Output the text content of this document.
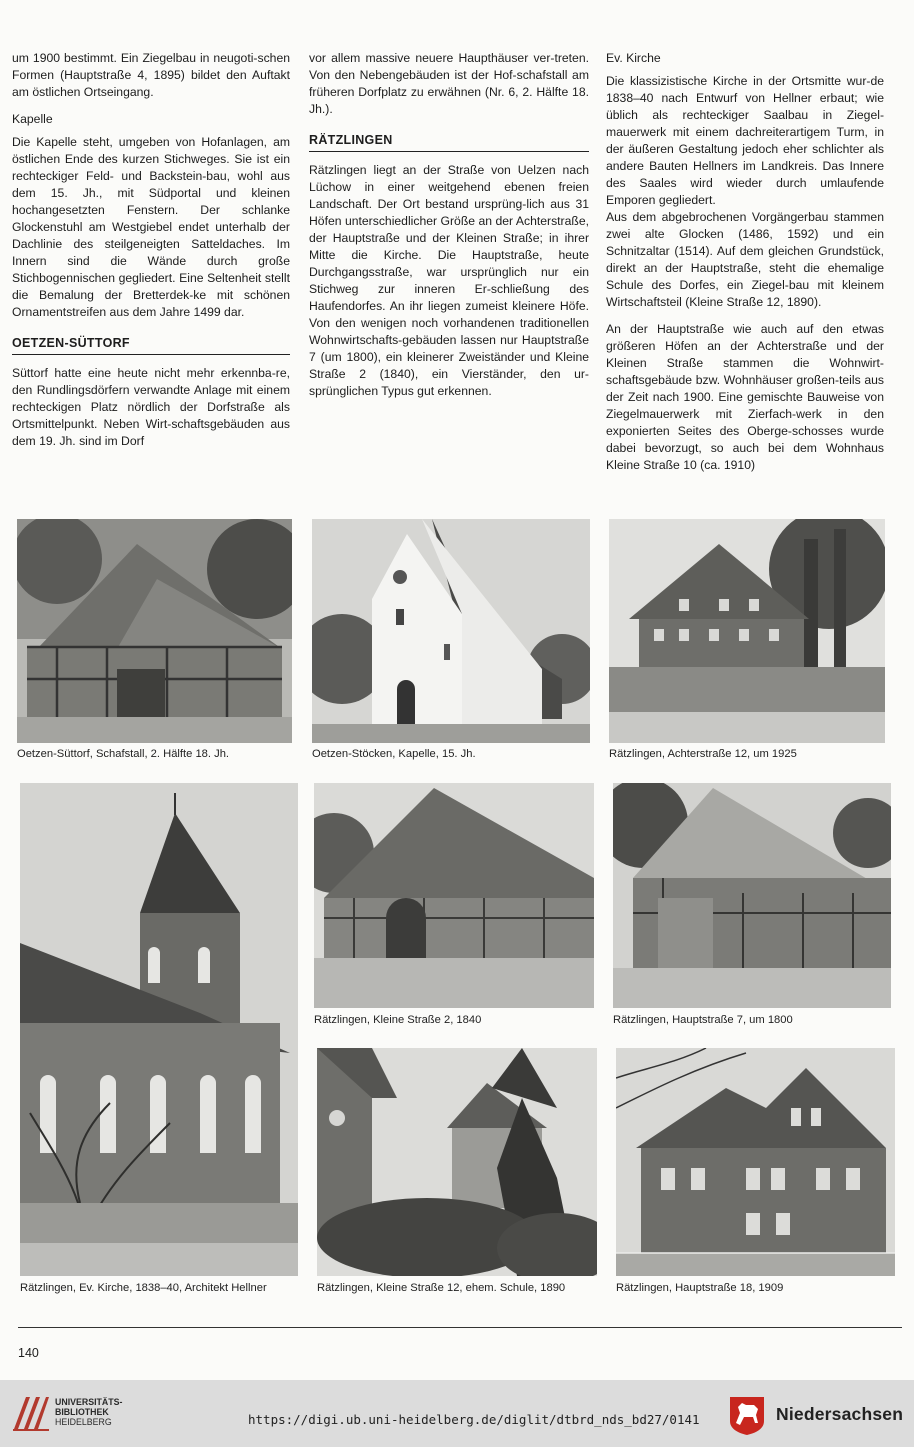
um 1900 bestimmt. Ein Ziegelbau in neugoti-schen Formen (Hauptstraße 4, 1895) bildet den Auftakt am östlichen Ortseingang.

Kapelle

Die Kapelle steht, umgeben von Hofanlagen, am östlichen Ende des kurzen Stichweges. Sie ist ein rechteckiger Feld- und Backstein-bau, wohl aus dem 15. Jh., mit Südportal und kleinen hochangesetzten Fenstern. Der schlanke Glockenstuhl am Westgiebel endet unterhalb der Dachlinie des steilgeneigten Satteldaches. Im Innern sind die Wände durch große Stichbogennischen gegliedert. Eine Seltenheit stellt die Bemalung der Bretterdek-ke mit schönen Ornamentstreifen aus dem Jahre 1499 dar.

OETZEN-SÜTTORF

Süttorf hatte eine heute nicht mehr erkennba-re, den Rundlingsdörfern verwandte Anlage mit einem rechteckigen Platz nördlich der Dorfstraße als Ortsmittelpunkt. Neben Wirt-schaftsgebäuden aus dem 19. Jh. sind im Dorf

vor allem massive neuere Haupthäuser ver-treten. Von den Nebengebäuden ist der Hof-schafstall am früheren Dorfplatz zu erwähnen (Nr. 6, 2. Hälfte 18. Jh.).

RÄTZLINGEN

Rätzlingen liegt an der Straße von Uelzen nach Lüchow in einer weitgehend ebenen freien Landschaft. Der Ort bestand ursprüng-lich aus 31 Höfen unterschiedlicher Größe an der Achterstraße, der Hauptstraße und der Kleinen Straße; in ihrer Mitte die Kirche. Die Hauptstraße, heute Durchgangsstraße, war ursprünglich nur ein Stichweg zur inneren Er-schließung des Haufendorfes. An ihr liegen zumeist kleinere Höfe. Von den wenigen noch vorhandenen traditionellen Wohnwirtschafts-gebäuden lassen nur Hauptstraße 7 (um 1800), ein kleinerer Zweiständer und Kleine Straße 2 (1840), ein Vierständer, den ur-sprünglichen Typus gut erkennen.

Ev. Kirche

Die klassizistische Kirche in der Ortsmitte wur-de 1838–40 nach Entwurf von Hellner erbaut; wie üblich als rechteckiger Saalbau in Ziegel-mauerwerk mit einem dachreiterartigem Turm, in der äußeren Gestaltung jedoch eher schlichter als andere Bauten Hellners im Landkreis. Das Innere des Saales wird wieder durch umlaufende Emporen gegliedert.

Aus dem abgebrochenen Vorgängerbau stammen zwei alte Glocken (1486, 1592) und ein Schnitzaltar (1514). Auf dem gleichen Grundstück, direkt an der Hauptstraße, steht die ehemalige Schule des Dorfes, ein Ziegel-bau mit kleinem Wirtschaftsteil (Kleine Straße 12, 1890).

An der Hauptstraße wie auch auf den etwas größeren Höfen an der Achterstraße und der Kleinen Straße stammen die Wohnwirt-schaftsgebäude bzw. Wohnhäuser großen-teils aus der Zeit nach 1900. Eine gemischte Bauweise von Ziegelmauerwerk mit Zierfach-werk in den exponierten Seites des Oberge-schosses wurde dabei bevorzugt, so auch bei dem Wohnhaus Kleine Straße 10 (ca. 1910)

Oetzen-Süttorf, Schafstall, 2. Hälfte 18. Jh.	Oetzen-Stöcken, Kapelle, 15. Jh.	Rätzlingen, Achterstraße 12, um 1925
Rätzlingen, Ev. Kirche, 1838–40, Architekt Hellner
Rätzlingen, Kleine Straße 2, 1840	Rätzlingen, Hauptstraße 7, um 1800
Rätzlingen, Kleine Straße 12, ehem. Schule, 1890	Rätzlingen, Hauptstraße 18, 1909
140
UNIVERSITÄTS-
BIBLIOTHEK
HEIDELBERG	https://digi.ub.uni-heidelberg.de/diglit/dtbrd_nds_bd27/0141	Niedersachsen
